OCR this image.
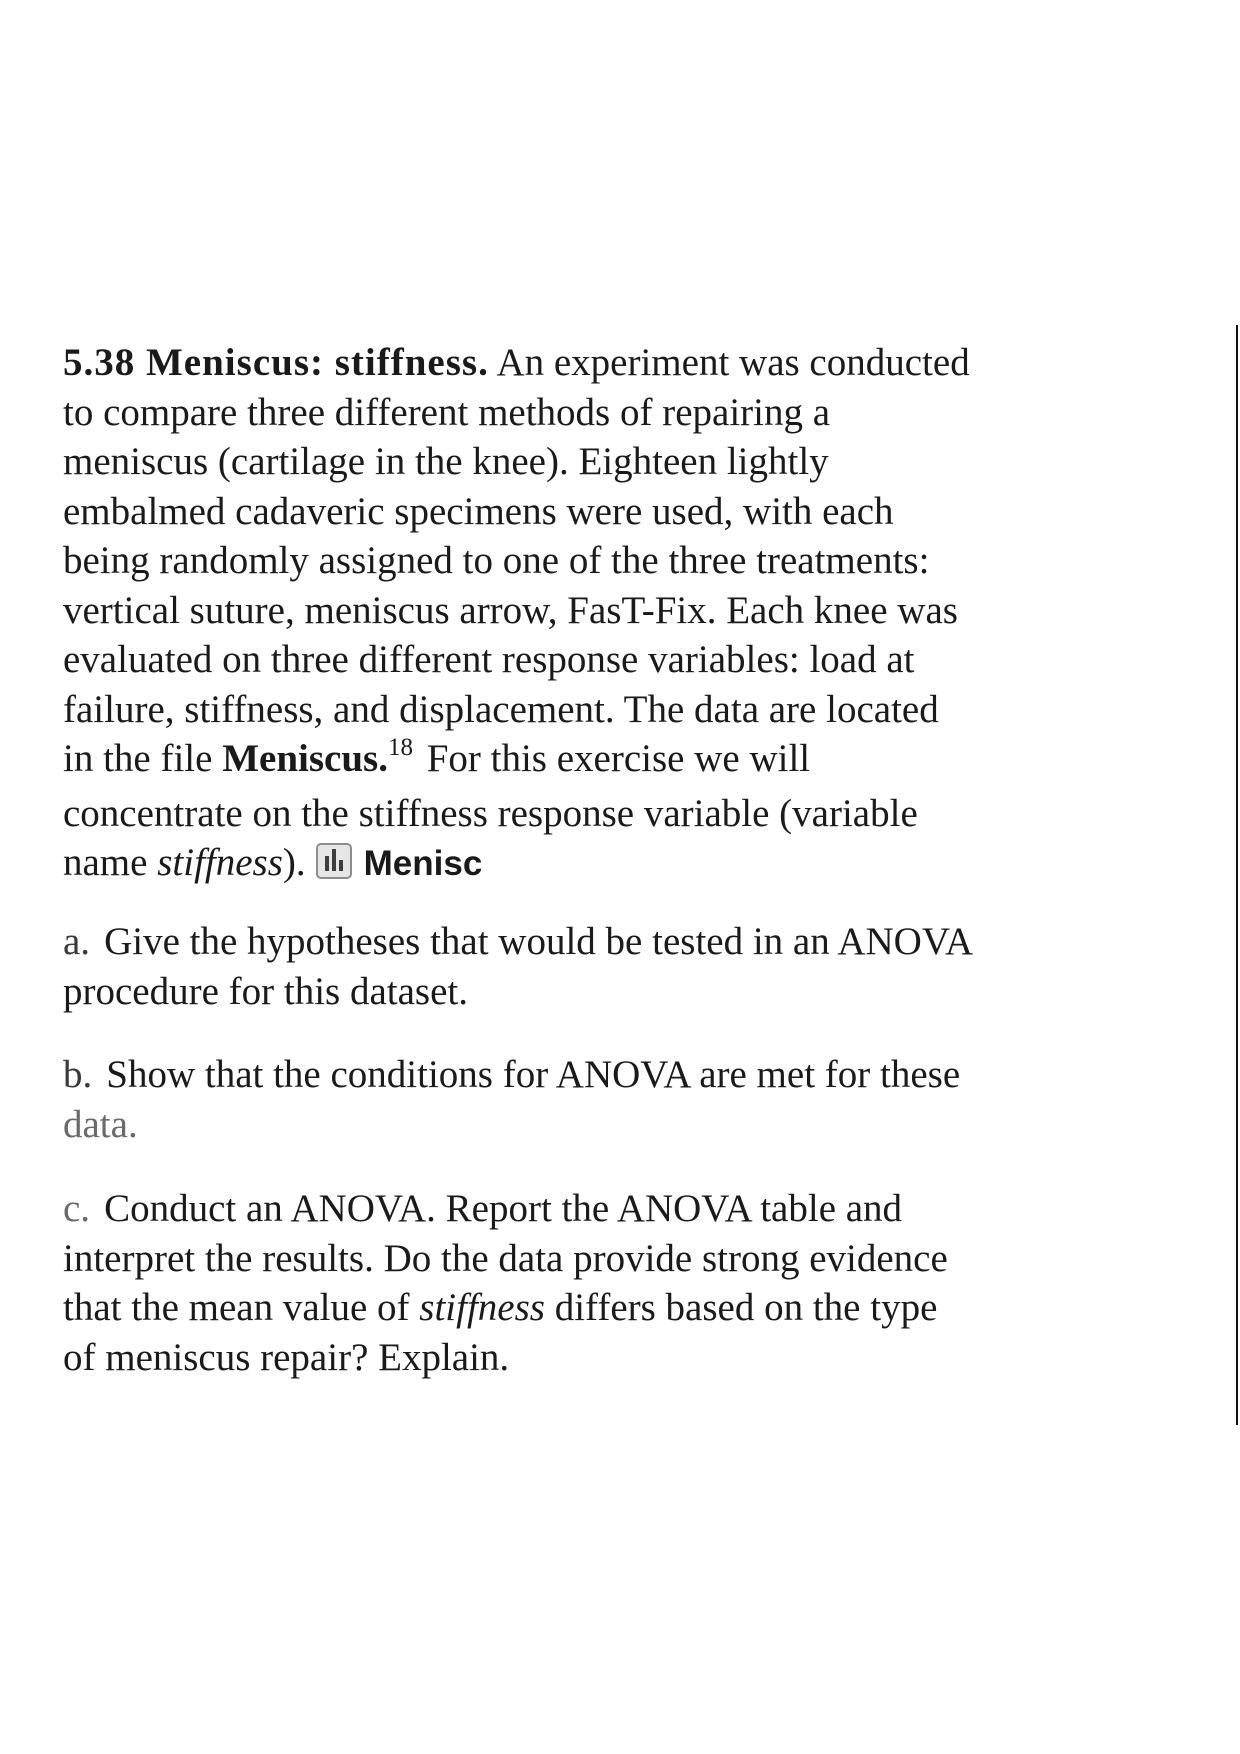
5.38 Meniscus: stiffness. An experiment was conducted
to compare three different methods of repairing a
meniscus (cartilage in the knee). Eighteen lightly
embalmed cadaveric specimens were used, with each
being randomly assigned to one of the three treatments:
vertical suture, meniscus arrow, FasT-Fix. Each knee was
evaluated on three different response variables: load at
failure, stiffness, and displacement. The data are located
in the file Meniscus.$^{18}$ For this exercise we will
concentrate on the stiffness response variable (variable
name stiffness). Menisc
a. Give the hypotheses that would be tested in an ANOVA
procedure for this dataset.
b. Show that the conditions for ANOVA are met for these
data.
c. Conduct an ANOVA. Report the ANOVA table and
interpret the results. Do the data provide strong evidence
that the mean value of stiffness differs based on the type
of meniscus repair? Explain.
